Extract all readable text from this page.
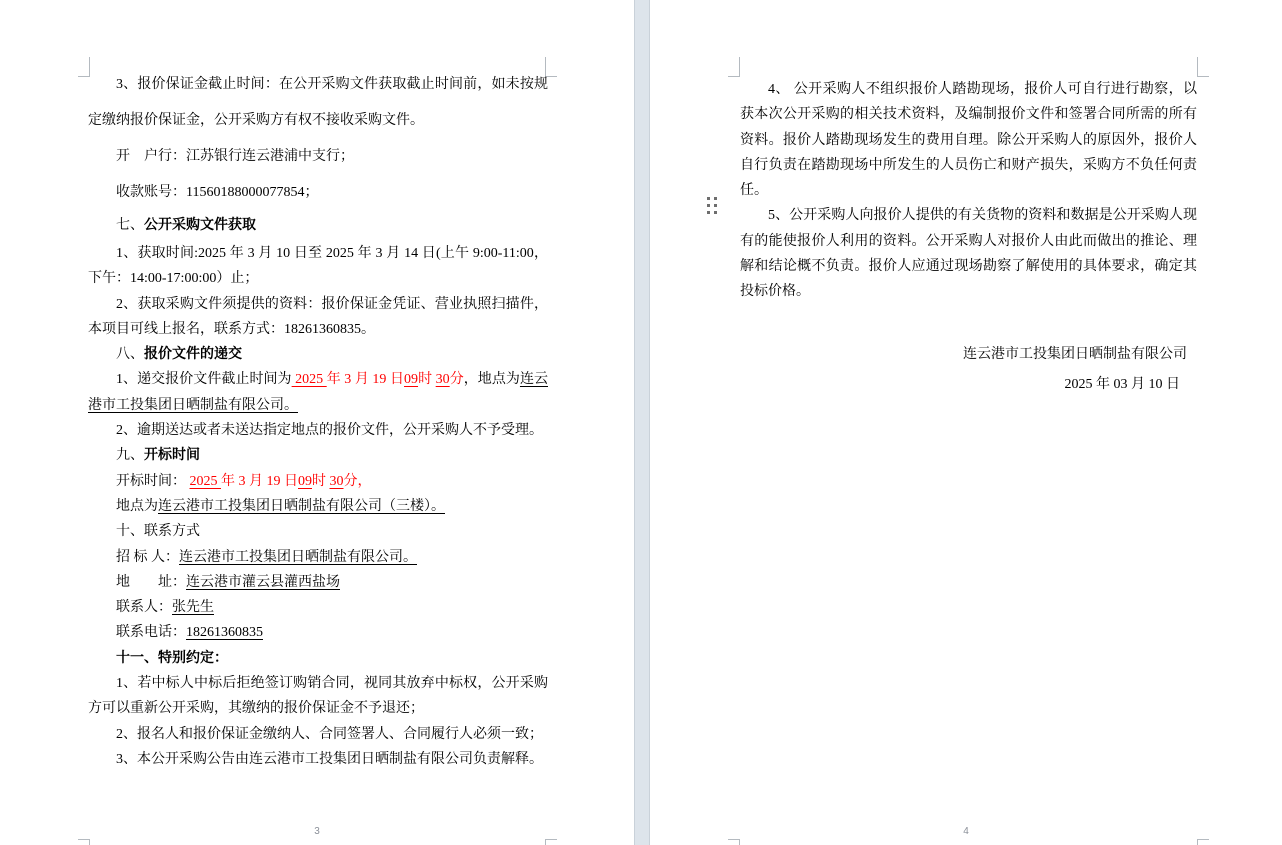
3、报价保证金截止时间：在公开采购文件获取截止时间前，如未按规定缴纳报价保证金，公开采购方有权不接收采购文件。

开　户行：江苏银行连云港浦中支行；

收款账号：11560188000077854；

七、公开采购文件获取

1、获取时间:2025 年 3 月 10 日至 2025 年 3 月 14 日(上午 9:00-11:00，下午：14:00-17:00:00）止；

2、获取采购文件须提供的资料：报价保证金凭证、营业执照扫描件，本项目可线上报名，联系方式：18261360835。

八、报价文件的递交

1、递交报价文件截止时间为 2025 年 3 月 19 日09时 30分，地点为连云港市工投集团日晒制盐有限公司。

2、逾期送达或者未送达指定地点的报价文件，公开采购人不予受理。

九、开标时间

开标时间： 2025 年 3 月 19 日09时 30分，

地点为连云港市工投集团日晒制盐有限公司（三楼）。

十、联系方式

招 标 人：连云港市工投集团日晒制盐有限公司。

地　　址：连云港市灌云县灌西盐场

联系人：张先生

联系电话：18261360835

十一、特别约定：

1、若中标人中标后拒绝签订购销合同，视同其放弃中标权，公开采购方可以重新公开采购，其缴纳的报价保证金不予退还；

2、报名人和报价保证金缴纳人、合同签署人、合同履行人必须一致；

3、本公开采购公告由连云港市工投集团日晒制盐有限公司负责解释。

3

4、 公开采购人不组织报价人踏勘现场，报价人可自行进行勘察，以获本次公开采购的相关技术资料，及编制报价文件和签署合同所需的所有资料。报价人踏勘现场发生的费用自理。除公开采购人的原因外，报价人自行负责在踏勘现场中所发生的人员伤亡和财产损失，采购方不负任何责任。

5、公开采购人向报价人提供的有关货物的资料和数据是公开采购人现有的能使报价人利用的资料。公开采购人对报价人由此而做出的推论、理解和结论概不负责。报价人应通过现场勘察了解使用的具体要求，确定其投标价格。

连云港市工投集团日晒制盐有限公司

2025 年 03 月 10 日

4
